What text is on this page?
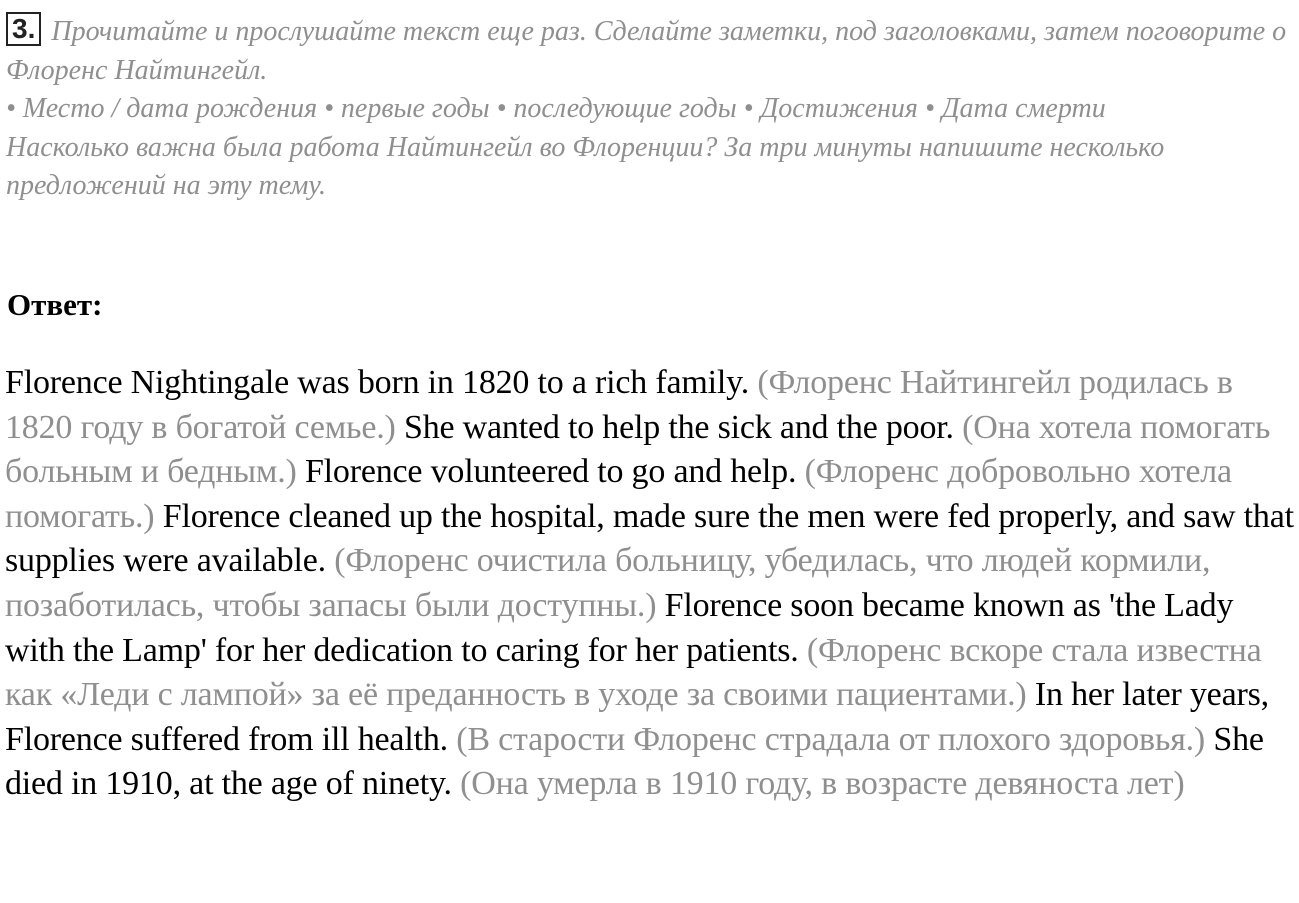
3. Прочитайте и прослушайте текст еще раз. Сделайте заметки, под заголовками, затем поговорите о Флоренс Найтингейл.
• Место / дата рождения • первые годы • последующие годы • Достижения • Дата смерти
Насколько важна была работа Найтингейл во Флоренции? За три минуты напишите несколько предложений на эту тему.
Ответ:
Florence Nightingale was born in 1820 to a rich family. (Флоренс Найтингейл родилась в 1820 году в богатой семье.) She wanted to help the sick and the poor. (Она хотела помогать больным и бедным.) Florence volunteered to go and help. (Флоренс добровольно хотела помогать.) Florence cleaned up the hospital, made sure the men were fed properly, and saw that supplies were available. (Флоренс очистила больницу, убедилась, что людей кормили, позаботилась, чтобы запасы были доступны.) Florence soon became known as 'the Lady with the Lamp' for her dedication to caring for her patients. (Флоренс вскоре стала известна как «Леди с лампой» за её преданность в уходе за своими пациентами.) In her later years, Florence suffered from ill health. (В старости Флоренс страдала от плохого здоровья.) She died in 1910, at the age of ninety. (Она умерла в 1910 году, в возрасте девяноста лет)
